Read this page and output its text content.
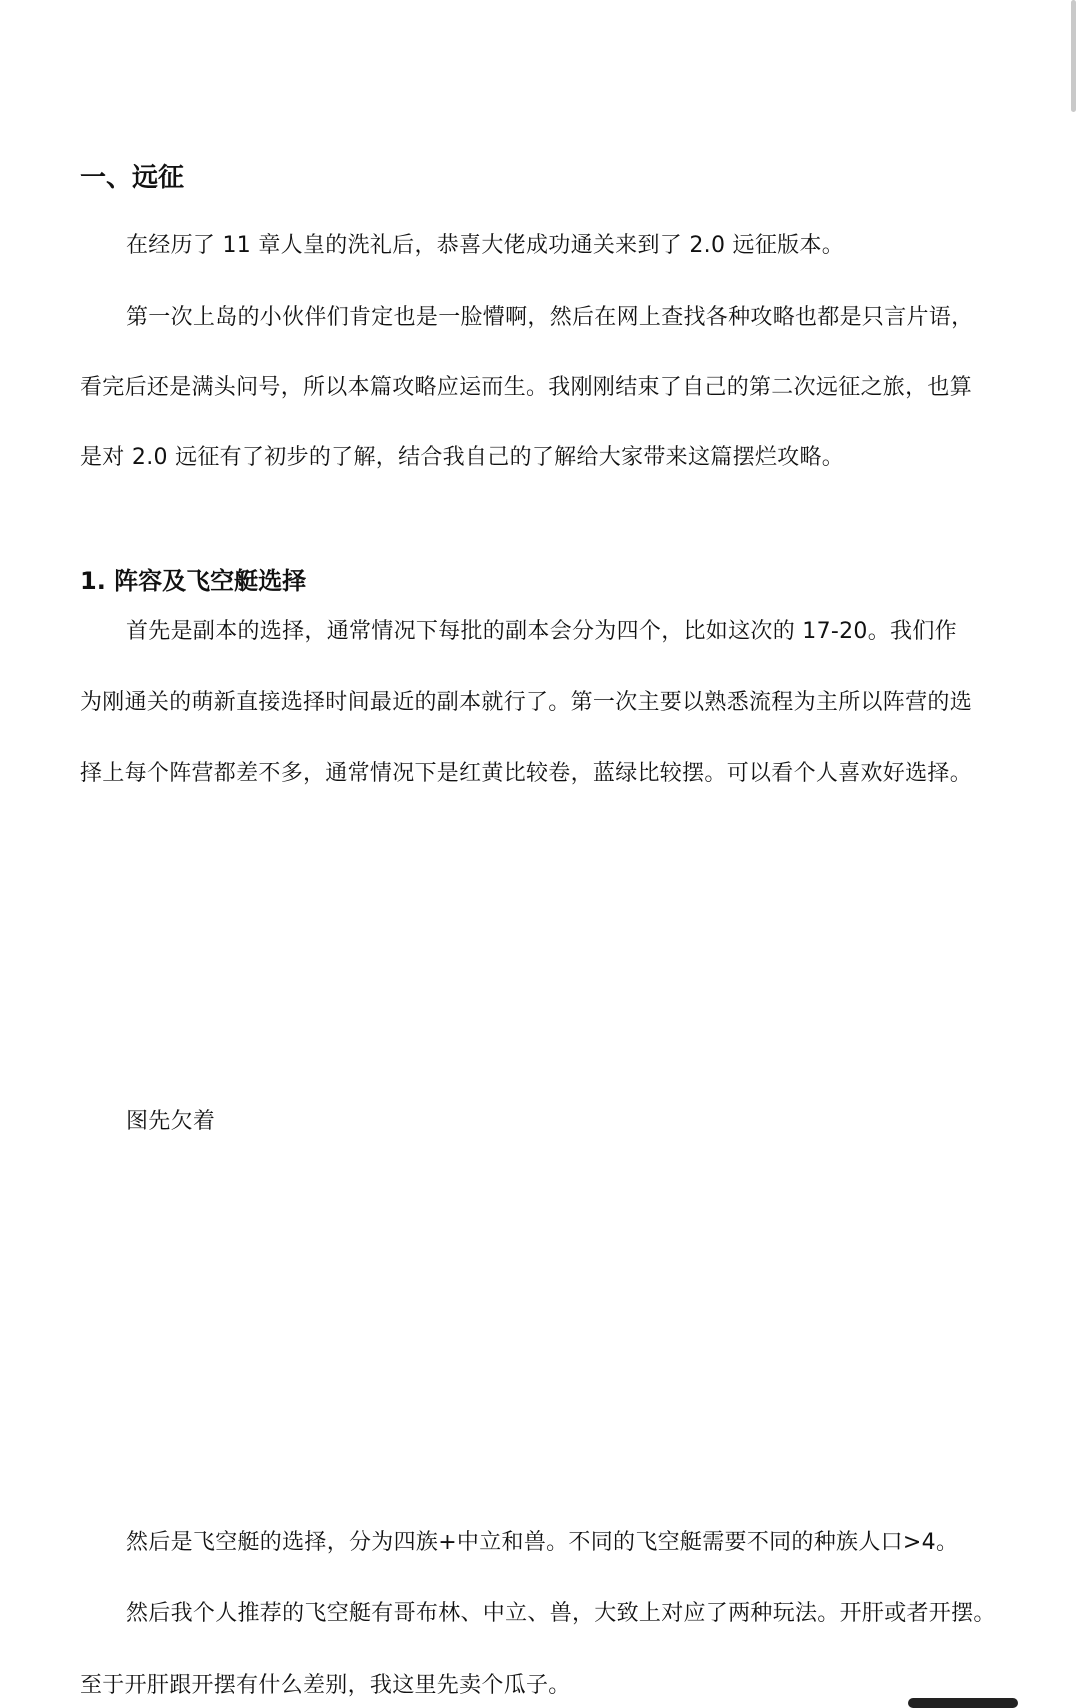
一、远征
在经历了 11 章人皇的洗礼后，恭喜大佬成功通关来到了 2.0 远征版本。
第一次上岛的小伙伴们肯定也是一脸懵啊，然后在网上查找各种攻略也都是只言片语，
看完后还是满头问号，所以本篇攻略应运而生。我刚刚结束了自己的第二次远征之旅，也算
是对 2.0 远征有了初步的了解，结合我自己的了解给大家带来这篇摆烂攻略。
1. 阵容及飞空艇选择
首先是副本的选择，通常情况下每批的副本会分为四个，比如这次的 17-20。我们作
为刚通关的萌新直接选择时间最近的副本就行了。第一次主要以熟悉流程为主所以阵营的选
择上每个阵营都差不多，通常情况下是红黄比较卷，蓝绿比较摆。可以看个人喜欢好选择。
图先欠着
然后是飞空艇的选择，分为四族+中立和兽。不同的飞空艇需要不同的种族人口>4。
然后我个人推荐的飞空艇有哥布林、中立、兽，大致上对应了两种玩法。开肝或者开摆。
至于开肝跟开摆有什么差别，我这里先卖个瓜子。
